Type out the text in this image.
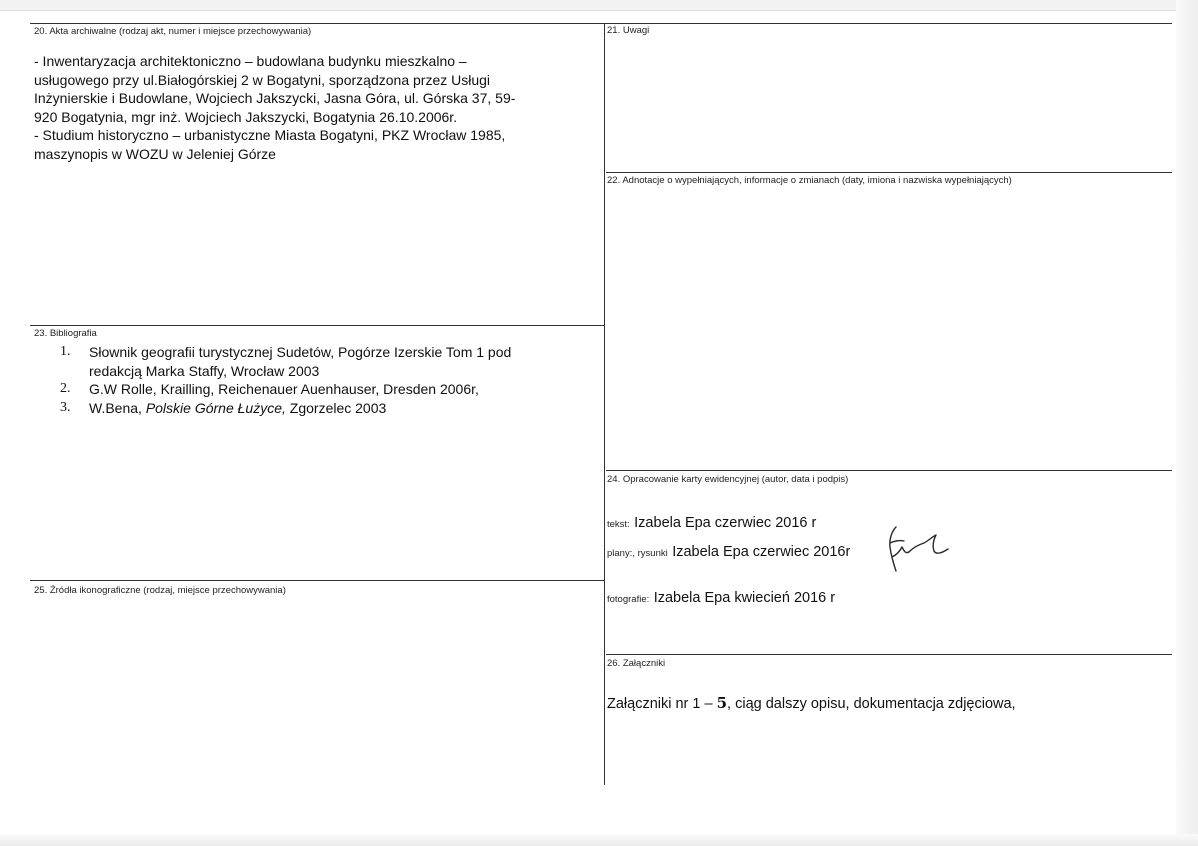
20. Akta archiwalne (rodzaj akt, numer i miejsce przechowywania)
- Inwentaryzacja architektoniczno – budowlana budynku mieszkalno –
usługowego przy ul.Białogórskiej 2 w Bogatyni, sporządzona przez Usługi
Inżynierskie i Budowlane, Wojciech Jakszycki, Jasna Góra, ul. Górska 37, 59-
920 Bogatynia, mgr inż. Wojciech Jakszycki, Bogatynia 26.10.2006r.
- Studium historyczno – urbanistyczne Miasta Bogatyni, PKZ Wrocław 1985,
maszynopis w WOZU w Jeleniej Górze
21. Uwagi
22. Adnotacje o wypełniających, informacje o zmianach (daty, imiona i nazwiska wypełniających)
23. Bibliografia
1. Słownik geografii turystycznej Sudetów, Pogórze Izerskie Tom 1 pod
redakcją Marka Staffy, Wrocław 2003
2. G.W Rolle, Krailling, Reichenauer Auenhauser, Dresden 2006r,
3. W.Bena, Polskie Górne Łużyce, Zgorzelec 2003
24. Opracowanie karty ewidencyjnej (autor, data i podpis)
tekst: Izabela Epa czerwiec 2016 r
plany:, rysunki Izabela Epa czerwiec 2016r
fotografie: Izabela Epa kwiecień 2016 r
25. Źródła ikonograficzne (rodzaj, miejsce przechowywania)
26. Załączniki
Załączniki nr 1 – 5, ciąg dalszy opisu, dokumentacja zdjęciowa,
